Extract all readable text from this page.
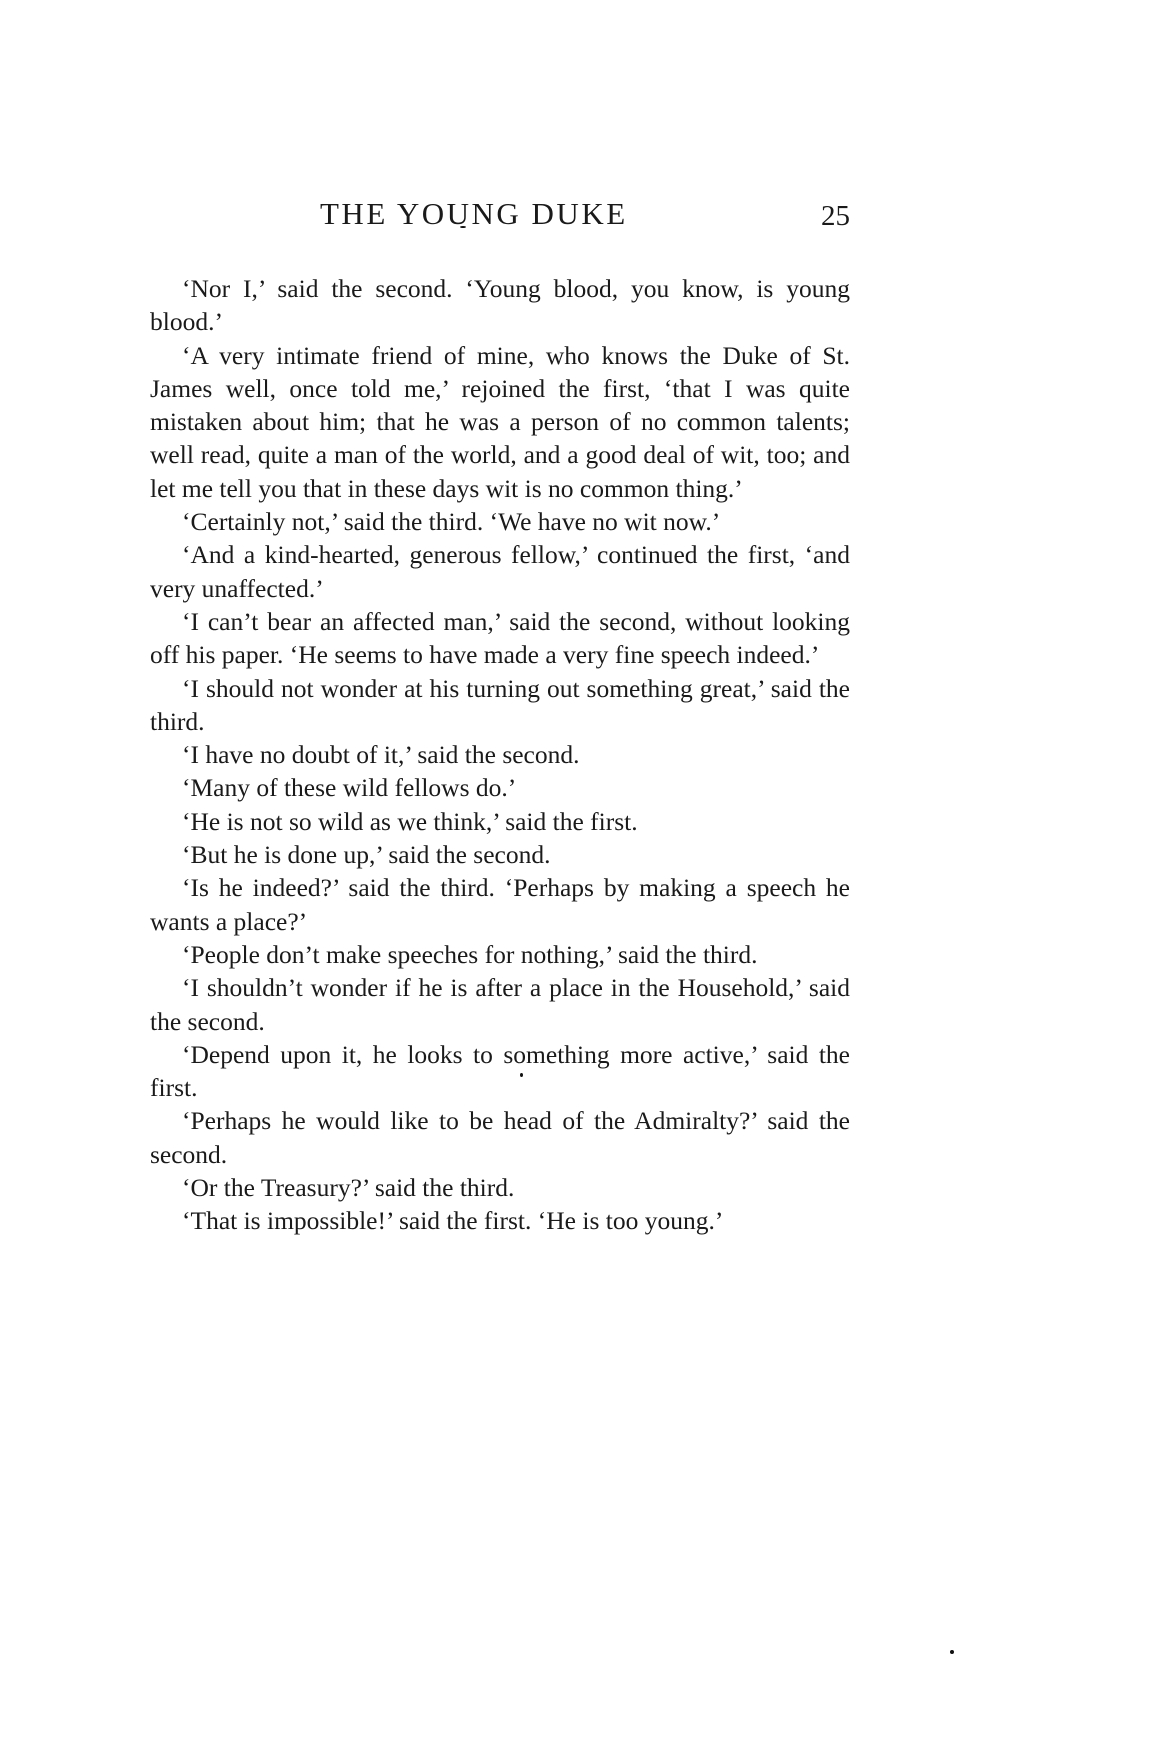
THE YOUNG DUKE	25

‘Nor I,’ said the second. ‘Young blood, you know, is young blood.’

‘A very intimate friend of mine, who knows the Duke of St. James well, once told me,’ rejoined the first, ‘that I was quite mistaken about him; that he was a person of no common talents; well read, quite a man of the world, and a good deal of wit, too; and let me tell you that in these days wit is no common thing.’

‘Certainly not,’ said the third. ‘We have no wit now.’

‘And a kind-hearted, generous fellow,’ continued the first, ‘and very unaffected.’

‘I can’t bear an affected man,’ said the second, without looking off his paper. ‘He seems to have made a very fine speech indeed.’

‘I should not wonder at his turning out something great,’ said the third.

‘I have no doubt of it,’ said the second.

‘Many of these wild fellows do.’

‘He is not so wild as we think,’ said the first.

‘But he is done up,’ said the second.

‘Is he indeed?’ said the third. ‘Perhaps by making a speech he wants a place?’

‘People don’t make speeches for nothing,’ said the third.

‘I shouldn’t wonder if he is after a place in the Household,’ said the second.

‘Depend upon it, he looks to something more active,’ said the first.

‘Perhaps he would like to be head of the Admiralty?’ said the second.

‘Or the Treasury?’ said the third.

‘That is impossible!’ said the first. ‘He is too young.’
